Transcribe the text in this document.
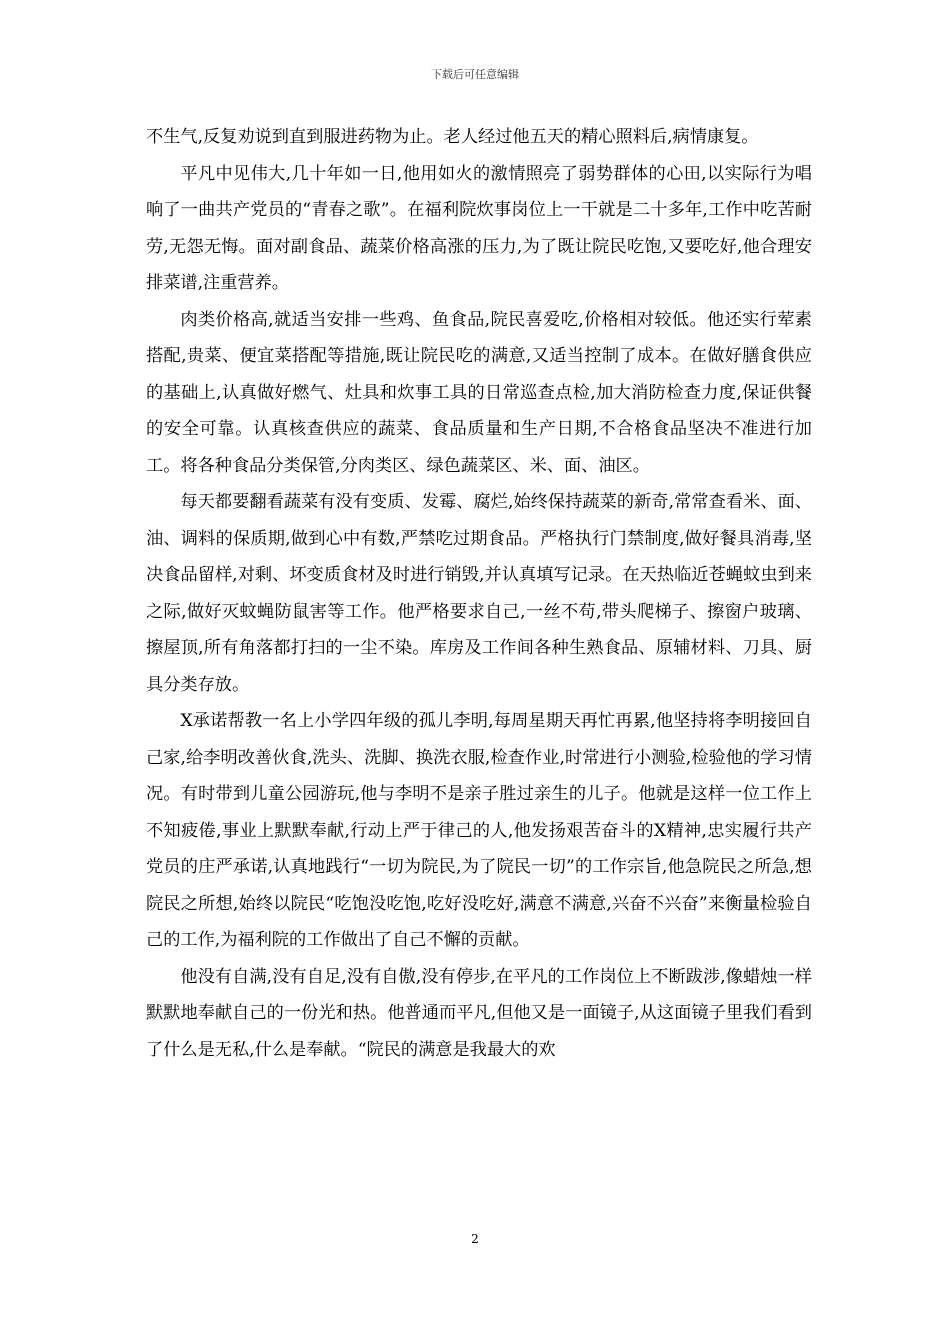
下载后可任意编辑

不生气,反复劝说到直到服进药物为止。老人经过他五天的精心照料后,病情康复。

平凡中见伟大,几十年如一日,他用如火的激情照亮了弱势群体的心田,以实际行为唱响了一曲共产党员的“青春之歌”。在福利院炊事岗位上一干就是二十多年,工作中吃苦耐劳,无怨无悔。面对副食品、蔬菜价格高涨的压力,为了既让院民吃饱,又要吃好,他合理安排菜谱,注重营养。

肉类价格高,就适当安排一些鸡、鱼食品,院民喜爱吃,价格相对较低。他还实行荤素搭配,贵菜、便宜菜搭配等措施,既让院民吃的满意,又适当控制了成本。在做好膳食供应的基础上,认真做好燃气、灶具和炊事工具的日常巡查点检,加大消防检查力度,保证供餐的安全可靠。认真核查供应的蔬菜、食品质量和生产日期,不合格食品坚决不准进行加工。将各种食品分类保管,分肉类区、绿色蔬菜区、米、面、油区。

每天都要翻看蔬菜有没有变质、发霉、腐烂,始终保持蔬菜的新奇,常常查看米、面、油、调料的保质期,做到心中有数,严禁吃过期食品。严格执行门禁制度,做好餐具消毒,坚决食品留样,对剩、坏变质食材及时进行销毁,并认真填写记录。在天热临近苍蝇蚊虫到来之际,做好灭蚊蝇防鼠害等工作。他严格要求自己,一丝不苟,带头爬梯子、擦窗户玻璃、擦屋顶,所有角落都打扫的一尘不染。库房及工作间各种生熟食品、原辅材料、刀具、厨具分类存放。

X承诺帮教一名上小学四年级的孤儿李明,每周星期天再忙再累,他坚持将李明接回自己家,给李明改善伙食,洗头、洗脚、换洗衣服,检查作业,时常进行小测验,检验他的学习情况。有时带到儿童公园游玩,他与李明不是亲子胜过亲生的儿子。他就是这样一位工作上不知疲倦,事业上默默奉献,行动上严于律己的人,他发扬艰苦奋斗的X精神,忠实履行共产党员的庄严承诺,认真地践行“一切为院民,为了院民一切”的工作宗旨,他急院民之所急,想院民之所想,始终以院民“吃饱没吃饱,吃好没吃好,满意不满意,兴奋不兴奋”来衡量检验自己的工作,为福利院的工作做出了自己不懈的贡献。

他没有自满,没有自足,没有自傲,没有停步,在平凡的工作岗位上不断跋涉,像蜡烛一样默默地奉献自己的一份光和热。他普通而平凡,但他又是一面镜子,从这面镜子里我们看到了什么是无私,什么是奉献。“院民的满意是我最大的欢

2
